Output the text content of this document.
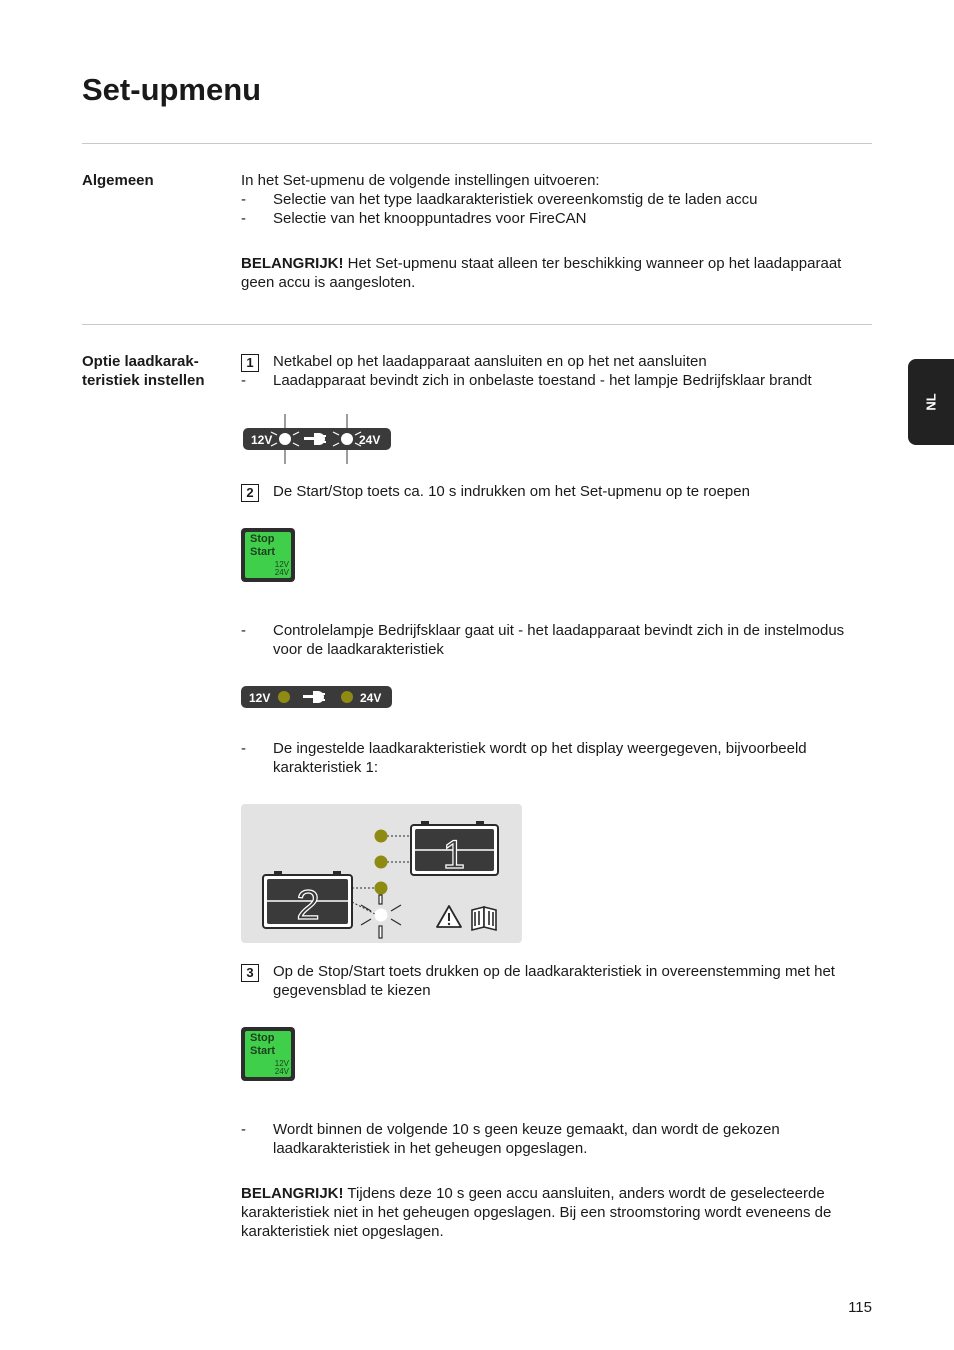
Set-upmenu
Algemeen	In het Set-upmenu de volgende instellingen uitvoeren:
- Selectie van het type laadkarakteristiek overeenkomstig de te laden accu
- Selectie van het knooppuntadres voor FireCAN
BELANGRIJK! Het Set-upmenu staat alleen ter beschikking wanneer op het laadapparaat geen accu is aangesloten.
Optie laadkarak-
teristiek instellen
1	Netkabel op het laadapparaat aansluiten en op het net aansluiten
- Laadapparaat bevindt zich in onbelaste toestand - het lampje Bedrijfsklaar brandt
12V	24V
2	De Start/Stop toets ca. 10 s indrukken om het Set-upmenu op te roepen
Stop
Start
12V
24V
- Controlelampje Bedrijfsklaar gaat uit - het laadapparaat bevindt zich in de instelmodus voor de laadkarakteristiek
12V	24V
- De ingestelde laadkarakteristiek wordt op het display weergegeven, bijvoorbeeld karakteristiek 1:
1
2
3	Op de Stop/Start toets drukken op de laadkarakteristiek in overeenstemming met het gegevensblad te kiezen
Stop
Start
12V
24V
- Wordt binnen de volgende 10 s geen keuze gemaakt, dan wordt de gekozen laadkarakteristiek in het geheugen opgeslagen.
BELANGRIJK! Tijdens deze 10 s geen accu aansluiten, anders wordt de geselecteerde karakteristiek niet in het geheugen opgeslagen. Bij een stroomstoring wordt eveneens de karakteristiek niet opgeslagen.
NL
115
